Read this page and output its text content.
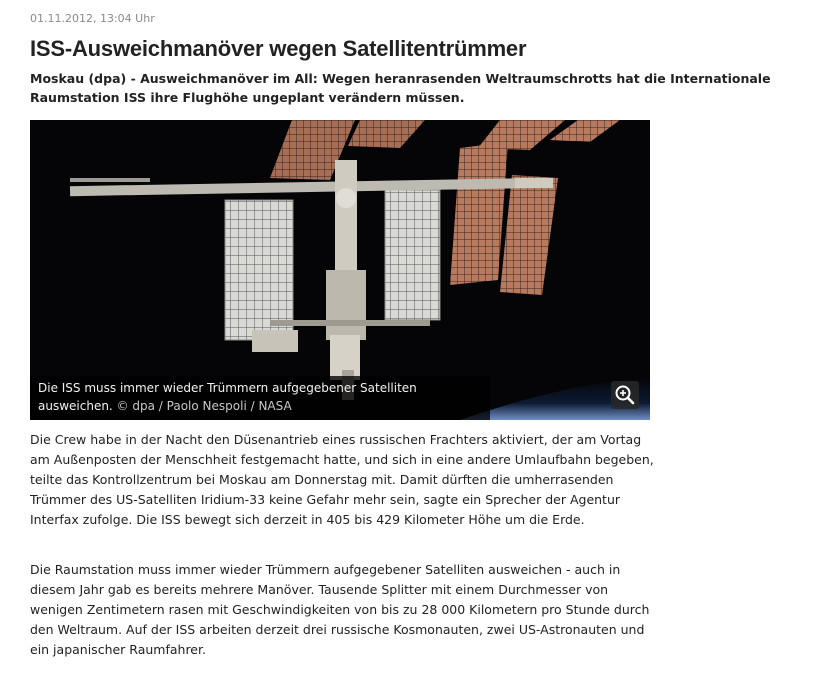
01.11.2012, 13:04 Uhr
ISS-Ausweichmanöver wegen Satellitentrümmer

Moskau (dpa) - Ausweichmanöver im All: Wegen heranrasenden Weltraumschrotts hat die Internationale Raumstation ISS ihre Flughöhe ungeplant verändern müssen.

Die ISS muss immer wieder Trümmern aufgegebener Satelliten ausweichen. © dpa / Paolo Nespoli / NASA

Die Crew habe in der Nacht den Düsenantrieb eines russischen Frachters aktiviert, der am Vortag am Außenposten der Menschheit festgemacht hatte, und sich in eine andere Umlaufbahn begeben, teilte das Kontrollzentrum bei Moskau am Donnerstag mit. Damit dürften die umherrasenden Trümmer des US-Satelliten Iridium-33 keine Gefahr mehr sein, sagte ein Sprecher der Agentur Interfax zufolge. Die ISS bewegt sich derzeit in 405 bis 429 Kilometer Höhe um die Erde.

Die Raumstation muss immer wieder Trümmern aufgegebener Satelliten ausweichen - auch in diesem Jahr gab es bereits mehrere Manöver. Tausende Splitter mit einem Durchmesser von wenigen Zentimetern rasen mit Geschwindigkeiten von bis zu 28 000 Kilometern pro Stunde durch den Weltraum. Auf der ISS arbeiten derzeit drei russische Kosmonauten, zwei US-Astronauten und ein japanischer Raumfahrer.
